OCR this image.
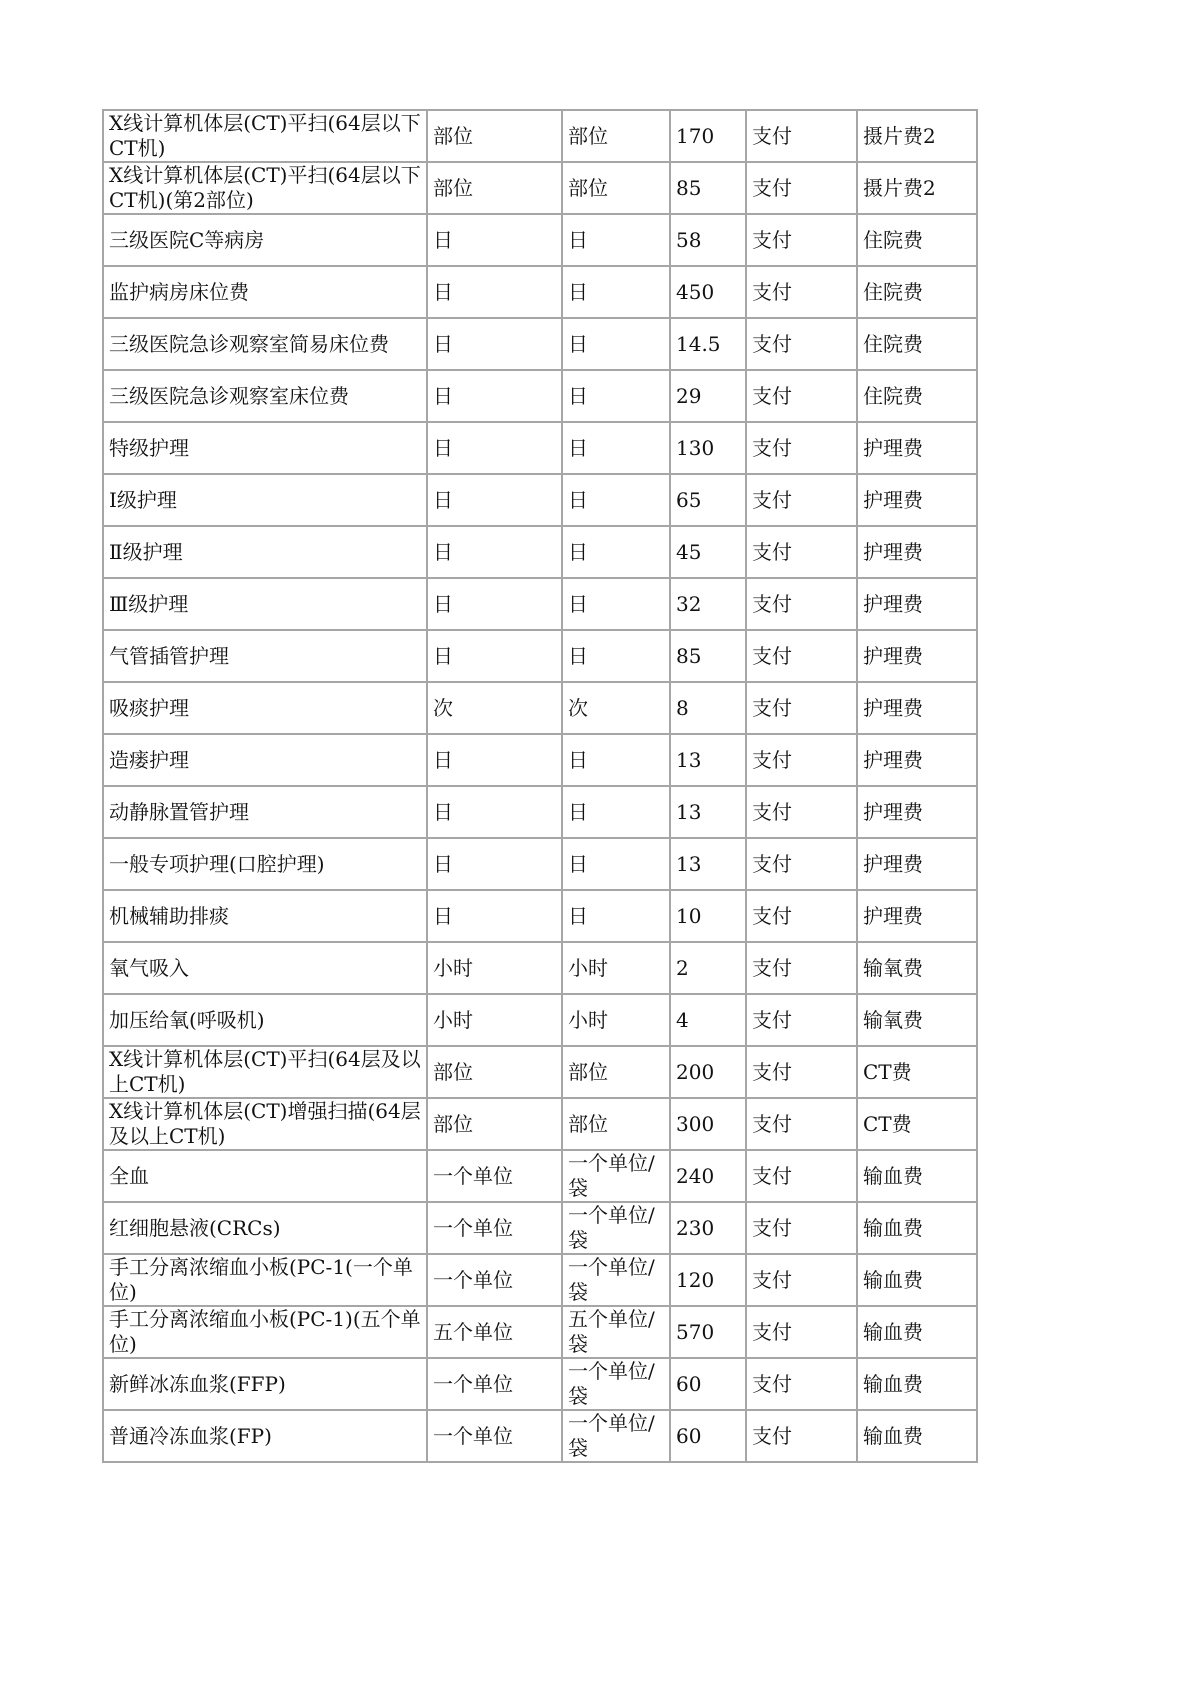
X线计算机体层(CT)平扫(64层以下CT机)	部位	部位	170	支付	摄片费2
X线计算机体层(CT)平扫(64层以下CT机)(第2部位)	部位	部位	85	支付	摄片费2
三级医院C等病房	日	日	58	支付	住院费
监护病房床位费	日	日	450	支付	住院费
三级医院急诊观察室简易床位费	日	日	14.5	支付	住院费
三级医院急诊观察室床位费	日	日	29	支付	住院费
特级护理	日	日	130	支付	护理费
Ⅰ级护理	日	日	65	支付	护理费
Ⅱ级护理	日	日	45	支付	护理费
Ⅲ级护理	日	日	32	支付	护理费
气管插管护理	日	日	85	支付	护理费
吸痰护理	次	次	8	支付	护理费
造瘘护理	日	日	13	支付	护理费
动静脉置管护理	日	日	13	支付	护理费
一般专项护理(口腔护理)	日	日	13	支付	护理费
机械辅助排痰	日	日	10	支付	护理费
氧气吸入	小时	小时	2	支付	输氧费
加压给氧(呼吸机)	小时	小时	4	支付	输氧费
X线计算机体层(CT)平扫(64层及以上CT机)	部位	部位	200	支付	CT费
X线计算机体层(CT)增强扫描(64层及以上CT机)	部位	部位	300	支付	CT费
全血	一个单位	一个单位/袋	240	支付	输血费
红细胞悬液(CRCs)	一个单位	一个单位/袋	230	支付	输血费
手工分离浓缩血小板(PC-1(一个单位)	一个单位	一个单位/袋	120	支付	输血费
手工分离浓缩血小板(PC-1)(五个单位)	五个单位	五个单位/袋	570	支付	输血费
新鲜冰冻血浆(FFP)	一个单位	一个单位/袋	60	支付	输血费
普通冷冻血浆(FP)	一个单位	一个单位/袋	60	支付	输血费
